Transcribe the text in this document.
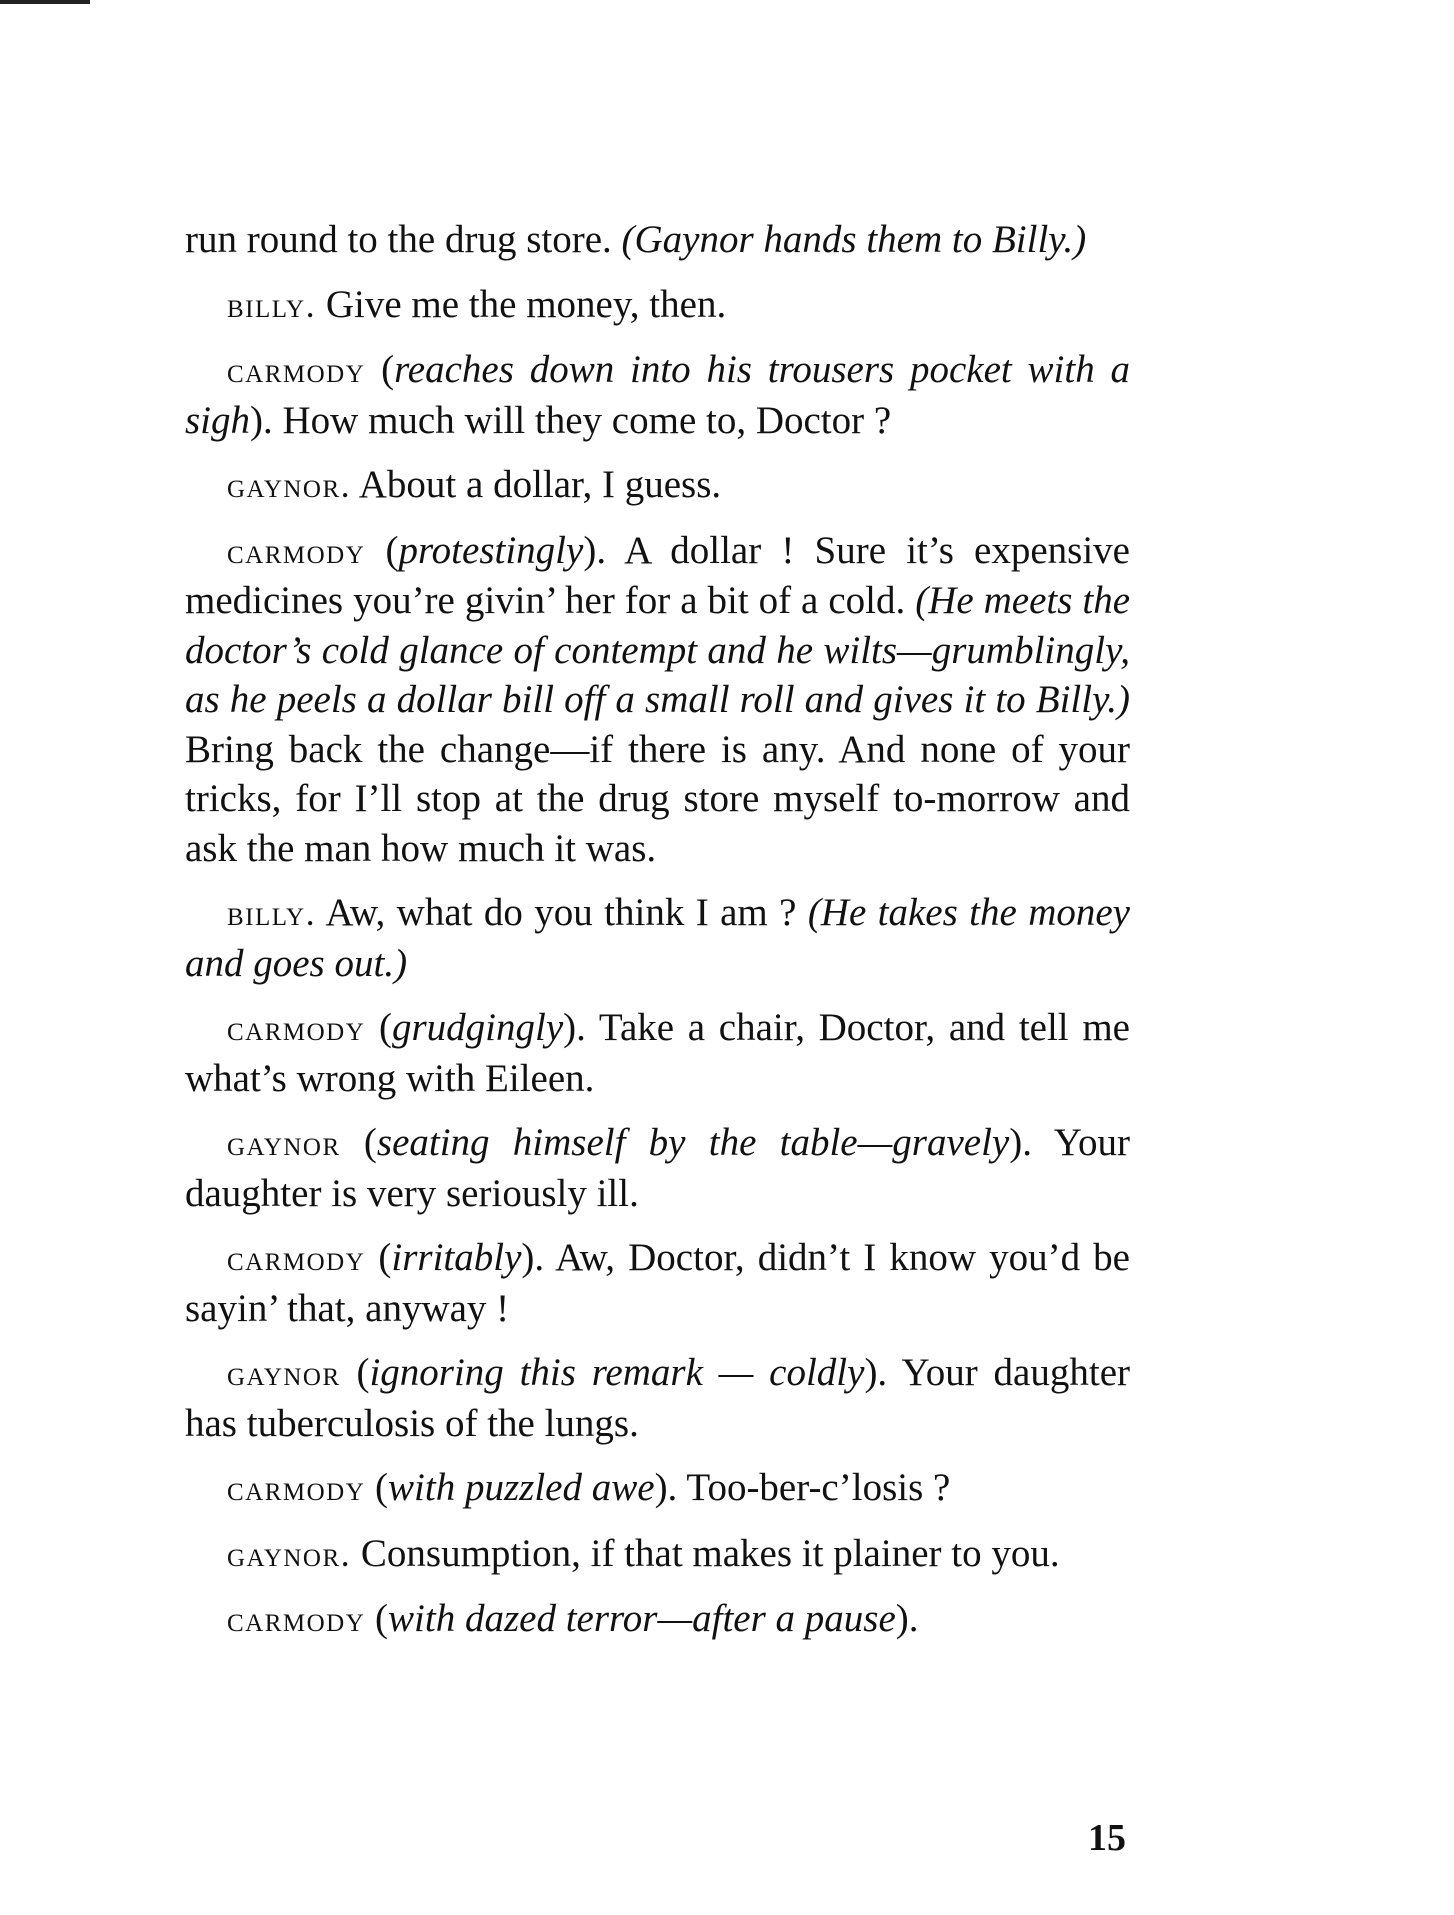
run round to the drug store. (Gaynor hands them to Billy.)

billy. Give me the money, then.

carmody (reaches down into his trousers pocket with a sigh). How much will they come to, Doctor ?

gaynor. About a dollar, I guess.

carmody (protestingly). A dollar ! Sure it’s expensive medicines you’re givin’ her for a bit of a cold. (He meets the doctor’s cold glance of contempt and he wilts—grumblingly, as he peels a dollar bill off a small roll and gives it to Billy.) Bring back the change—if there is any. And none of your tricks, for I’ll stop at the drug store myself to-morrow and ask the man how much it was.

billy. Aw, what do you think I am ? (He takes the money and goes out.)

carmody (grudgingly). Take a chair, Doctor, and tell me what’s wrong with Eileen.

gaynor (seating himself by the table—gravely). Your daughter is very seriously ill.

carmody (irritably). Aw, Doctor, didn’t I know you’d be sayin’ that, anyway !

gaynor (ignoring this remark — coldly). Your daughter has tuberculosis of the lungs.

carmody (with puzzled awe). Too-ber-c’losis ?

gaynor. Consumption, if that makes it plainer to you.

carmody (with dazed terror—after a pause).

15
